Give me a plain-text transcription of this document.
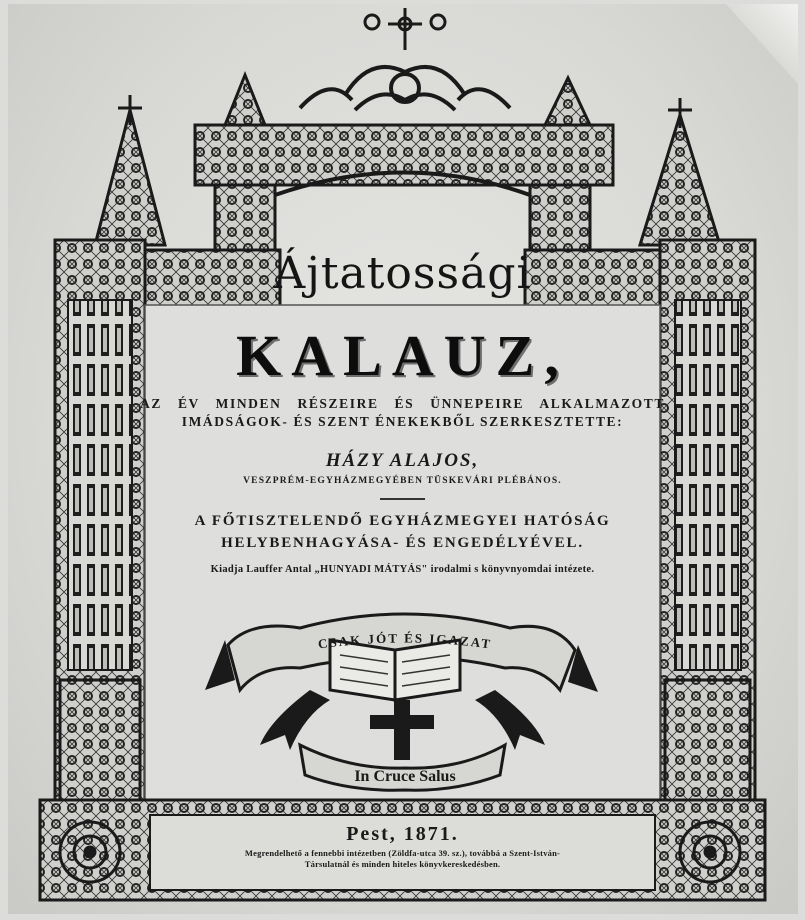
CSAK JÓT ÉS IGAZAT
In Cruce Salus
Ájtatossági
KALAUZ,
AZ ÉV MINDEN RÉSZEIRE ÉS ÜNNEPEIRE ALKALMAZOTT IMÁDSÁGOK- ÉS SZENT ÉNEKEKBŐL SZERKESZTETTE:
HÁZY ALAJOS,
VESZPRÉM-EGYHÁZMEGYÉBEN TÜSKEVÁRI PLÉBÁNOS.
A FŐTISZTELENDŐ EGYHÁZMEGYEI HATÓSÁG HELYBENHAGYÁSA- ÉS ENGEDÉLYÉVEL.
Kiadja Lauffer Antal „HUNYADI MÁTYÁS" irodalmi s könyvnyomdai intézete.
Pest, 1871.
Megrendelhető a fennebbi intézetben (Zöldfa-utca 39. sz.), továbbá a Szent-István-Társulatnál és minden hiteles könyvkereskedésben.
